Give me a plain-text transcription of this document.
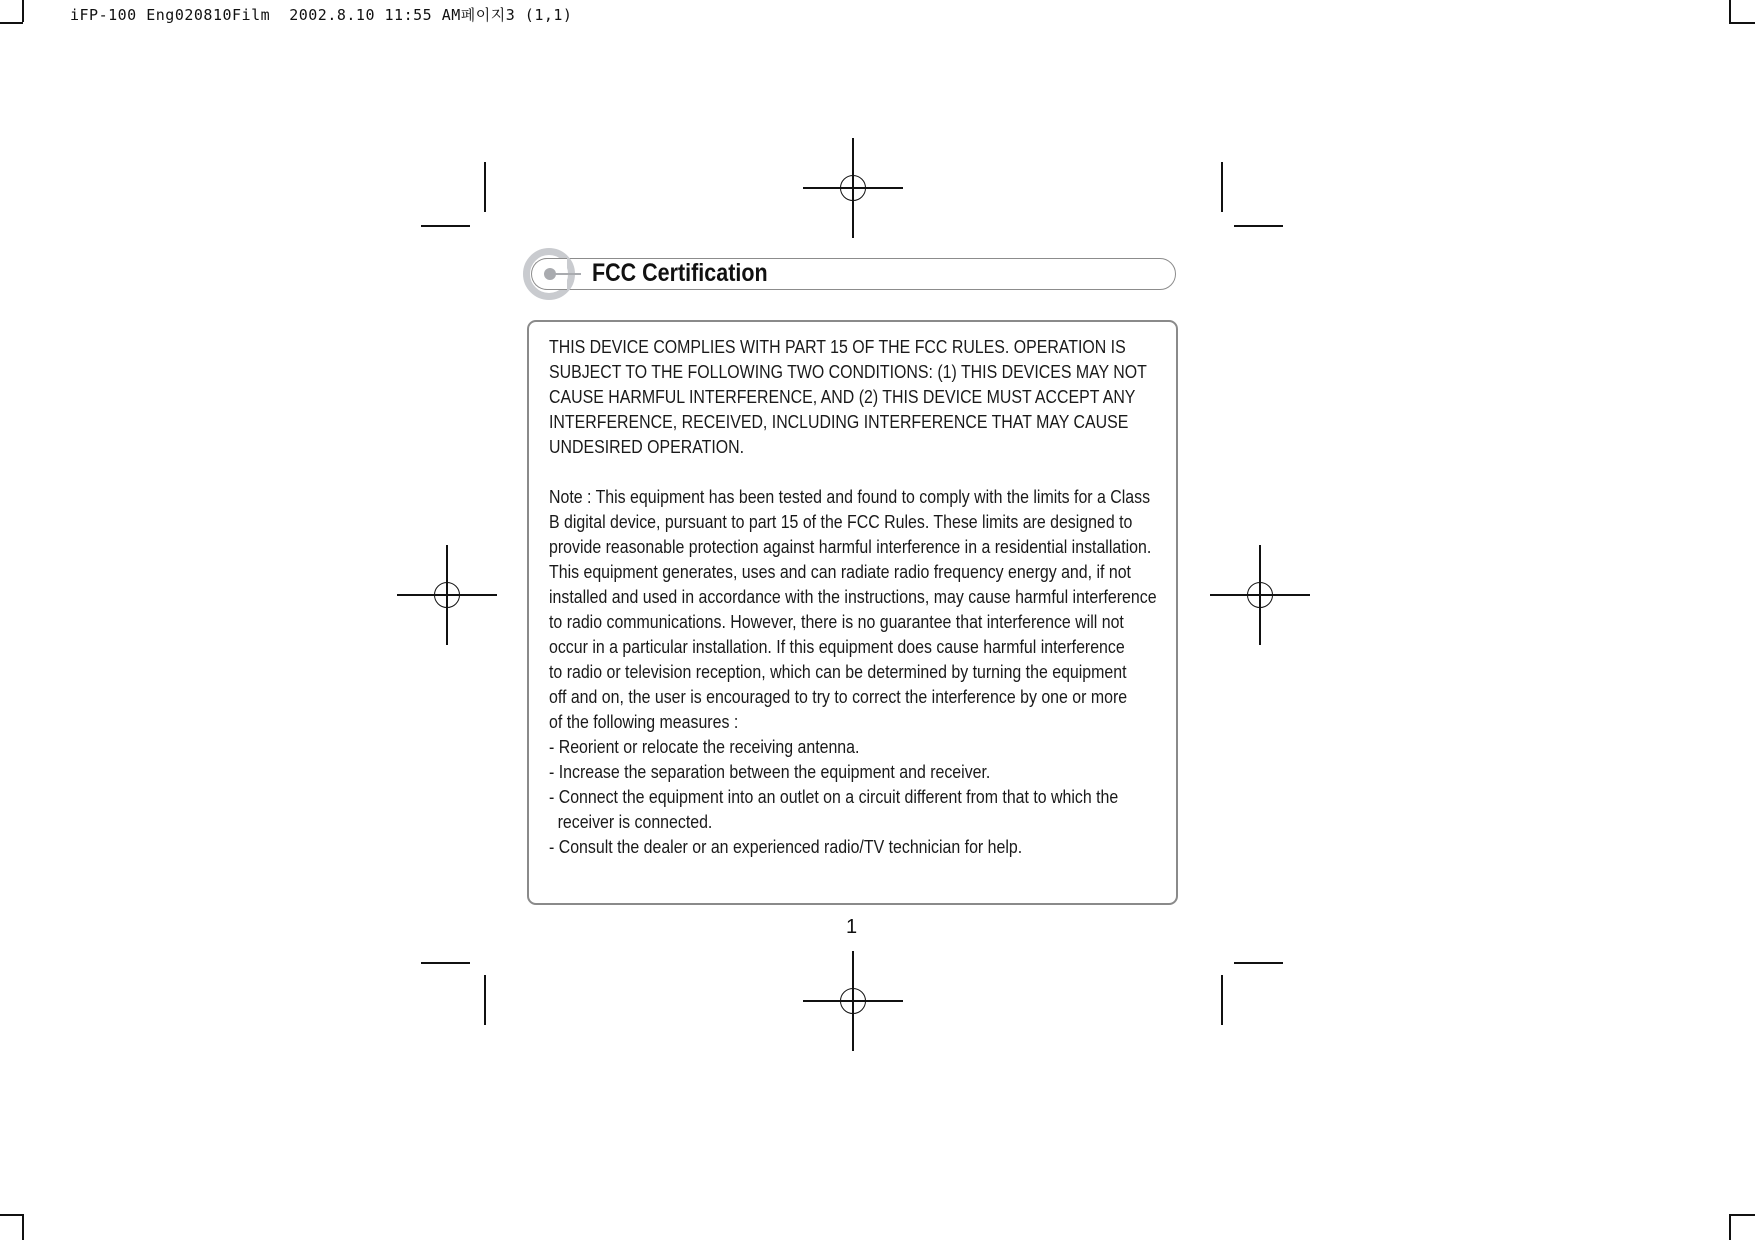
iFP-100 Eng020810Film  2002.8.10 11:55 AM페이지3 (1,1)
FCC Certification

THIS DEVICE COMPLIES WITH PART 15 OF THE FCC RULES. OPERATION IS

SUBJECT TO THE FOLLOWING TWO CONDITIONS: (1) THIS DEVICES MAY NOT

CAUSE HARMFUL INTERFERENCE, AND (2) THIS DEVICE MUST ACCEPT ANY

INTERFERENCE, RECEIVED, INCLUDING INTERFERENCE THAT MAY CAUSE

UNDESIRED OPERATION.

Note : This equipment has been tested and found to comply with the limits for a Class

B digital device, pursuant to part 15 of the FCC Rules. These limits are designed to

provide reasonable protection against harmful interference in a residential installation.

This equipment generates, uses and can radiate radio frequency energy and, if not

installed and used in accordance with the instructions, may cause harmful interference

to radio communications. However, there is no guarantee that interference will not

occur in a particular installation. If this equipment does cause harmful interference

to radio or television reception, which can be determined by turning the equipment

off and on, the user is encouraged to try to correct the interference by one or more

of the following measures :

- Reorient or relocate the receiving antenna.

- Increase the separation between the equipment and receiver.

- Connect the equipment into an outlet on a circuit different from that to which the

receiver is connected.

- Consult the dealer or an experienced radio/TV technician for help.

1
